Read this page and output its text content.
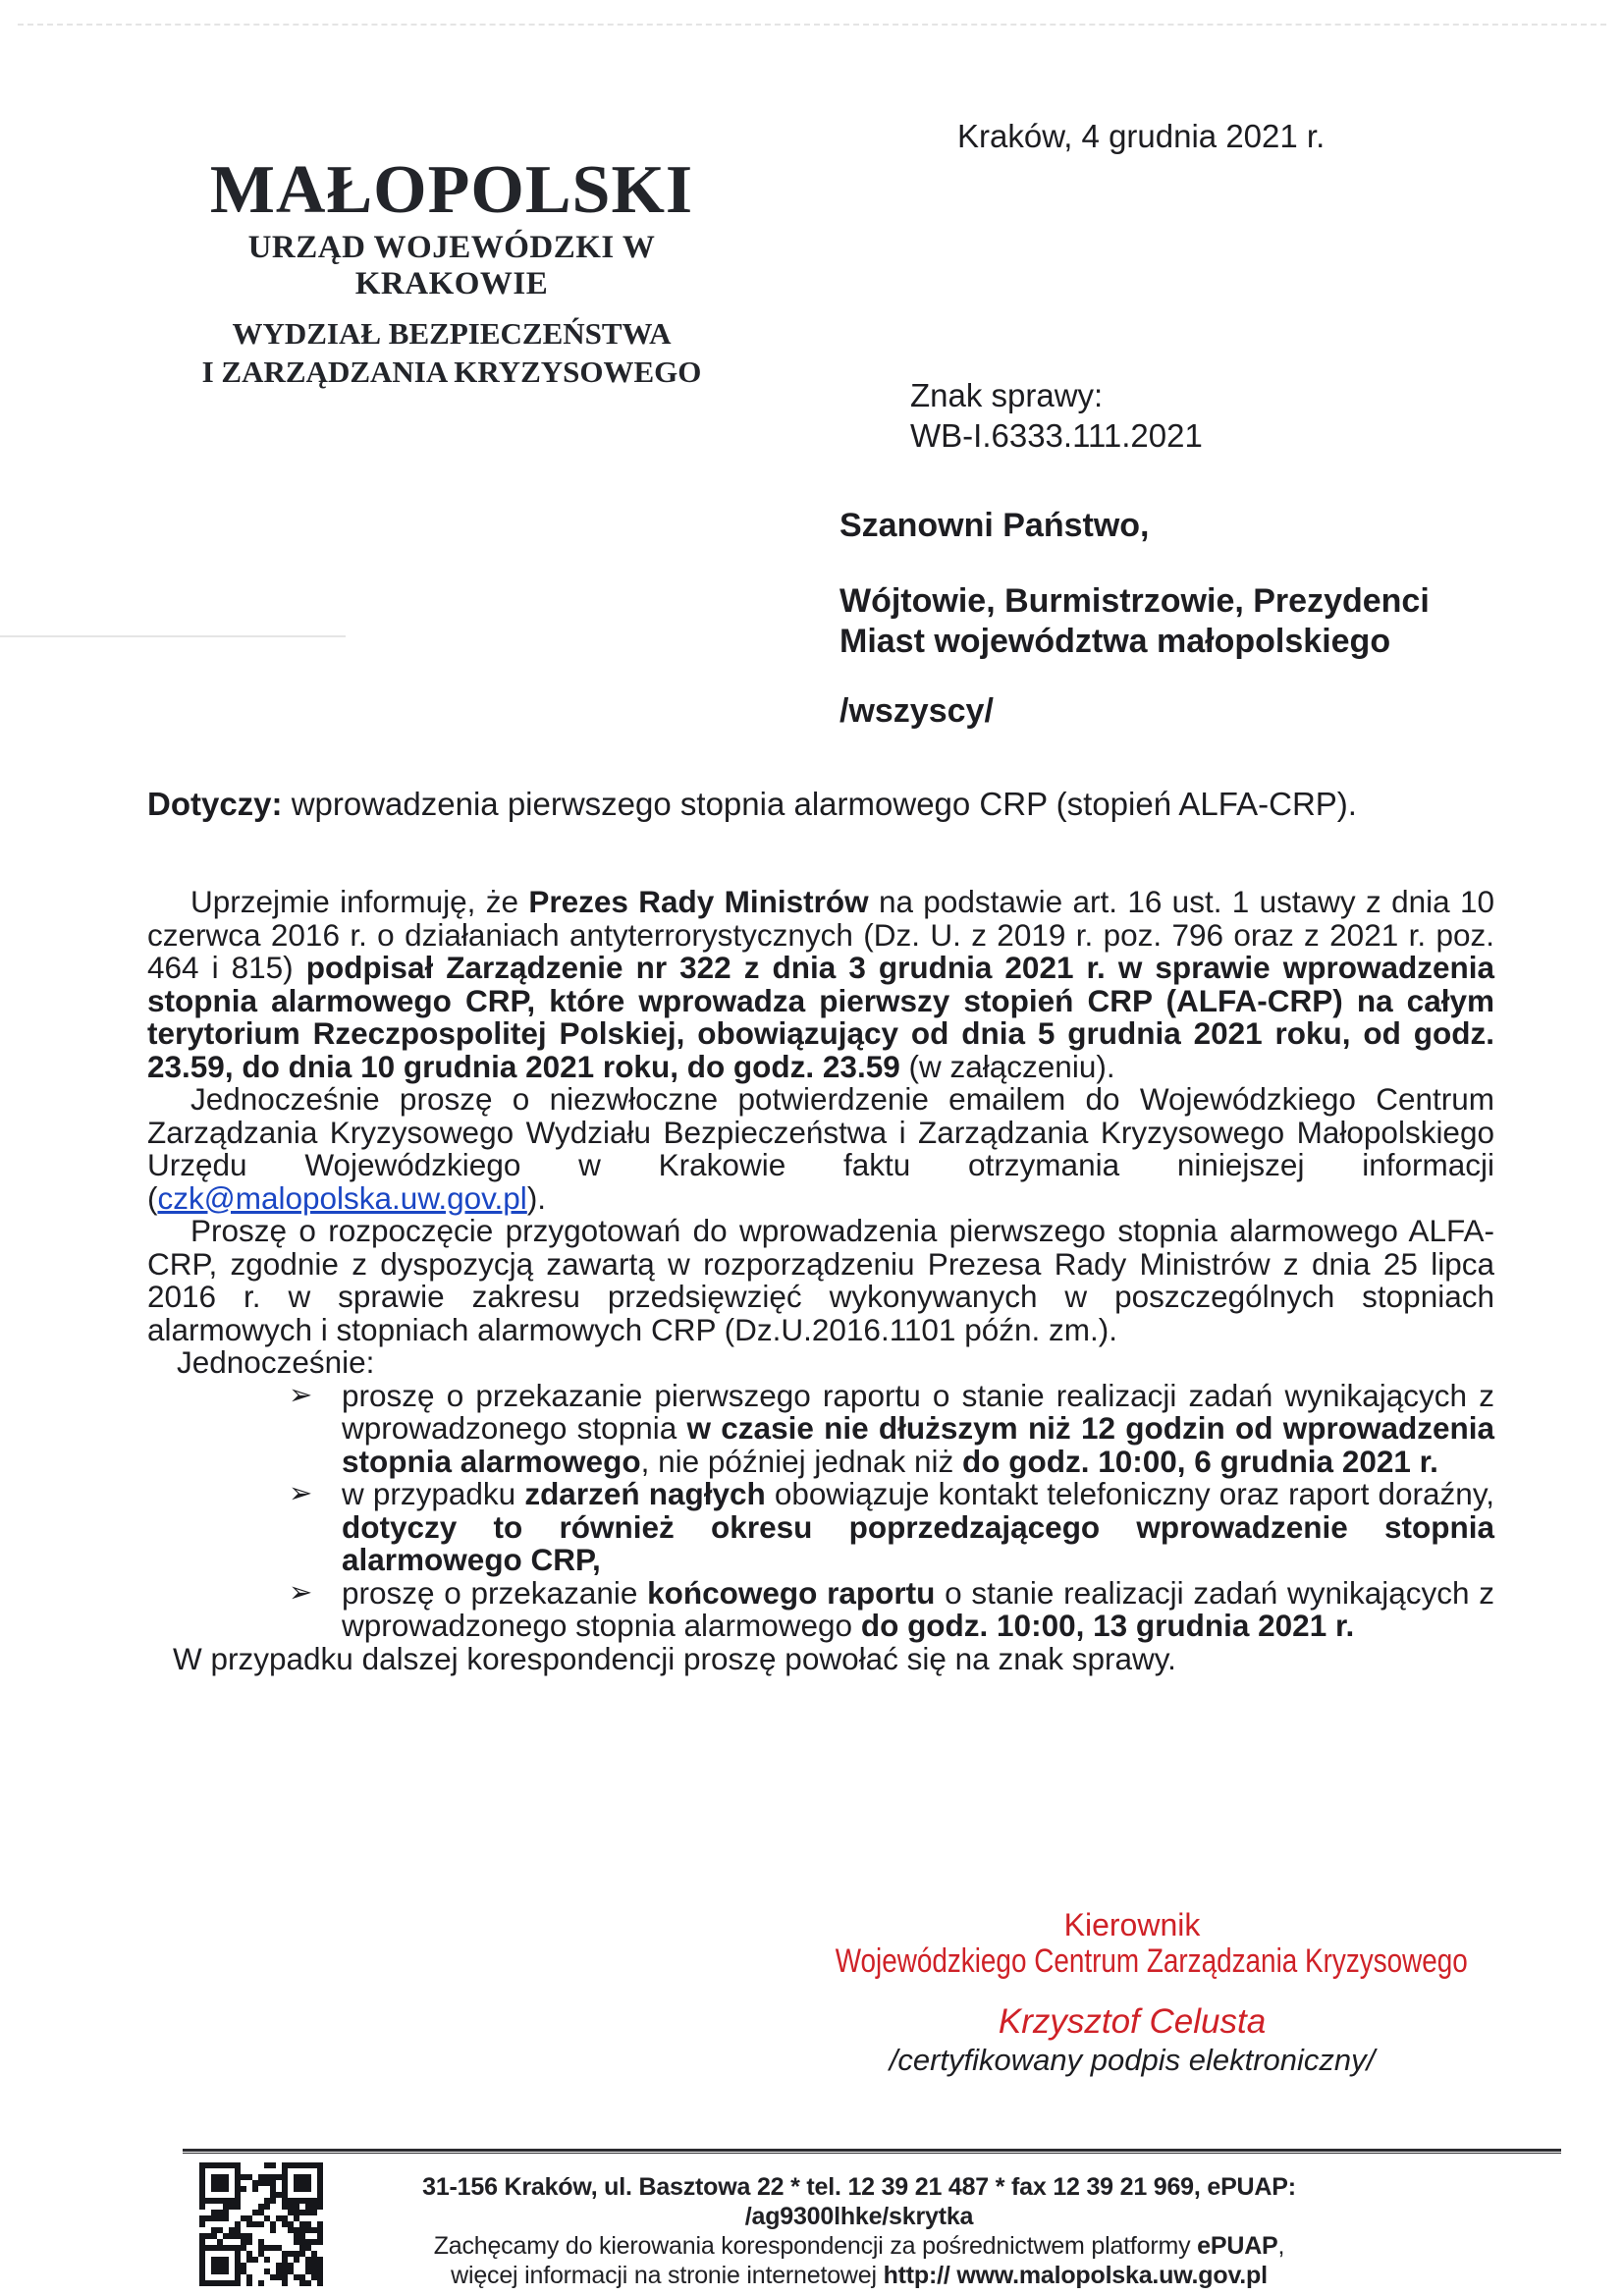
Kraków, 4 grudnia 2021 r.
MAŁOPOLSKI
URZĄD WOJEWÓDZKI W KRAKOWIE
WYDZIAŁ BEZPIECZEŃSTWA
I ZARZĄDZANIA KRYZYSOWEGO
Znak sprawy:
WB-I.6333.111.2021
Szanowni Państwo,
Wójtowie, Burmistrzowie, Prezydenci
Miast województwa małopolskiego
/wszyscy/
Dotyczy: wprowadzenia pierwszego stopnia alarmowego CRP (stopień ALFA-CRP).

Uprzejmie informuję, że Prezes Rady Ministrów na podstawie art. 16 ust. 1 ustawy z dnia 10 czerwca 2016 r. o działaniach antyterrorystycznych (Dz. U. z 2019 r. poz. 796 oraz z 2021 r. poz. 464 i 815) podpisał Zarządzenie nr 322 z dnia 3 grudnia 2021 r. w sprawie wprowadzenia stopnia alarmowego CRP, które wprowadza pierwszy stopień CRP (ALFA-CRP) na całym terytorium Rzeczpospolitej Polskiej, obowiązujący od dnia 5 grudnia 2021 roku, od godz. 23.59, do dnia 10 grudnia 2021 roku, do godz. 23.59 (w załączeniu).

Jednocześnie proszę o niezwłoczne potwierdzenie emailem do Wojewódzkiego Centrum Zarządzania Kryzysowego Wydziału Bezpieczeństwa i Zarządzania Kryzysowego Małopolskiego Urzędu Wojewódzkiego w Krakowie faktu otrzymania niniejszej informacji (czk@malopolska.uw.gov.pl).

Proszę o rozpoczęcie przygotowań do wprowadzenia pierwszego stopnia alarmowego ALFA-CRP, zgodnie z dyspozycją zawartą w rozporządzeniu Prezesa Rady Ministrów z dnia 25 lipca 2016 r. w sprawie zakresu przedsięwzięć wykonywanych w poszczególnych stopniach alarmowych i stopniach alarmowych CRP (Dz.U.2016.1101 późn. zm.).

Jednocześnie:

➢ proszę o przekazanie pierwszego raportu o stanie realizacji zadań wynikających z wprowadzonego stopnia w czasie nie dłuższym niż 12 godzin od wprowadzenia stopnia alarmowego, nie później jednak niż do godz. 10:00, 6 grudnia 2021 r.
➢ w przypadku zdarzeń nagłych obowiązuje kontakt telefoniczny oraz raport doraźny, dotyczy to również okresu poprzedzającego wprowadzenie stopnia alarmowego CRP,
➢ proszę o przekazanie końcowego raportu o stanie realizacji zadań wynikających z wprowadzonego stopnia alarmowego do godz. 10:00, 13 grudnia 2021 r.

W przypadku dalszej korespondencji proszę powołać się na znak sprawy.

Kierownik
Wojewódzkiego Centrum Zarządzania Kryzysowego
Krzysztof Celusta
/certyfikowany podpis elektroniczny/
31-156 Kraków, ul. Basztowa 22 * tel. 12 39 21 487 * fax 12 39 21 969, ePUAP: /ag9300lhke/skrytka
Zachęcamy do kierowania korespondencji za pośrednictwem platformy ePUAP,
więcej informacji na stronie internetowej http:// www.malopolska.uw.gov.pl
